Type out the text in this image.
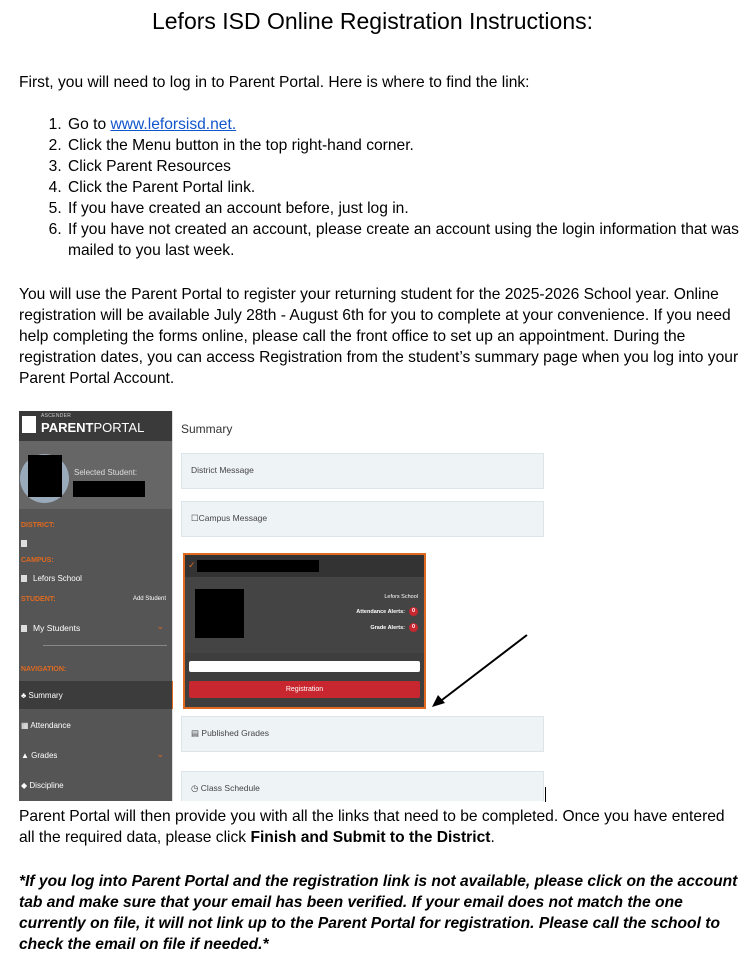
Lefors ISD Online Registration Instructions:

First, you will need to log in to Parent Portal. Here is where to find the link:

1. Go to www.leforsisd.net.
2. Click the Menu button in the top right-hand corner.
3. Click Parent Resources
4. Click the Parent Portal link.
5. If you have created an account before, just log in.
6. If you have not created an account, please create an account using the login information that was mailed to you last week.

You will use the Parent Portal to register your returning student for the 2025-2026 School year. Online registration will be available July 28th - August 6th for you to complete at your convenience. If you need help completing the forms online, please call the front office to set up an appointment. During the registration dates, you can access Registration from the student’s summary page when you log into your Parent Portal Account.

ASCENDER
PARENTPORTAL
Selected Student:
DISTRICT:
CAMPUS:
Lefors School
STUDENT:	Add Student
My Students	⌄
NAVIGATION:
♣ Summary
▦ Attendance
▲ Grades	⌄
◆ Discipline
Summary
District Message
☐Campus Message
✓
Lefors School
Attendance Alerts: 0
Grade Alerts: 0
Registration
▤ Published Grades
◷ Class Schedule

Parent Portal will then provide you with all the links that need to be completed. Once you have entered all the required data, please click Finish and Submit to the District.

*If you log into Parent Portal and the registration link is not available, please click on the account tab and make sure that your email has been verified. If your email does not match the one currently on file, it will not link up to the Parent Portal for registration. Please call the school to check the email on file if needed.*
